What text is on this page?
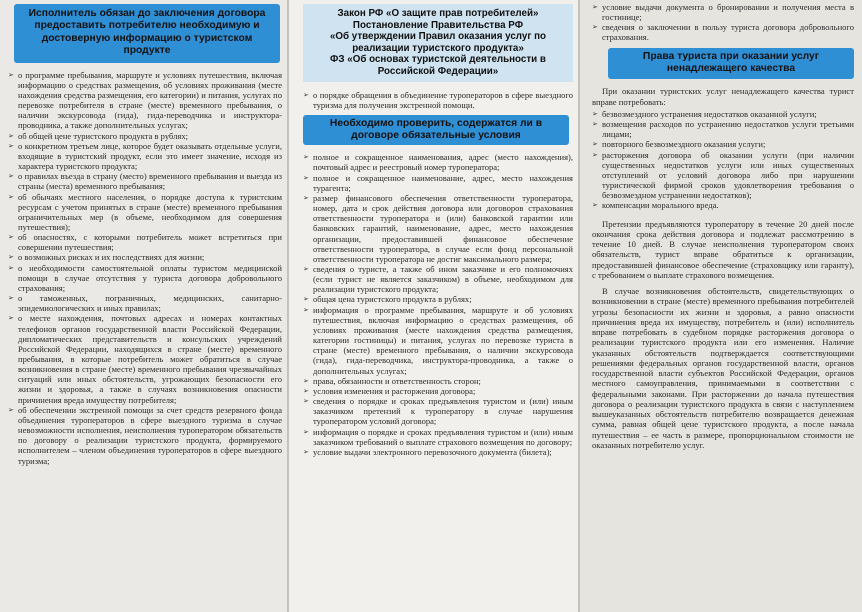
Исполнитель обязан до заключения договора предоставить потребителю необходимую и достоверную информацию о туристском продукте
➢ о программе пребывания, маршруте и условиях путешествия, включая информацию о средствах размещения, об условиях проживания (месте нахождения средства размещения, его категории) и питания, услугах по перевозке потребителя в стране (месте) временного пребывания, о наличии экскурсовода (гида), гида-переводчика и инструктора-проводника, а также дополнительных услугах;
➢ об общей цене туристского продукта в рублях;
➢ о конкретном третьем лице, которое будет оказывать отдельные услуги, входящие в туристский продукт, если это имеет значение, исходя из характера туристского продукта;
➢ о правилах въезда в страну (место) временного пребывания и выезда из страны (места) временного пребывания;
➢ об обычаях местного населения, о порядке доступа к туристским ресурсам с учетом принятых в стране (месте) временного пребывания ограничительных мер (в объеме, необходимом для совершения путешествия);
➢ об опасностях, с которыми потребитель может встретиться при совершении путешествия;
➢ о возможных рисках и их последствиях для жизни;
➢ о необходимости самостоятельной оплаты туристом медицинской помощи в случае отсутствия у туриста договора добровольного страхования;
➢ о таможенных, пограничных, медицинских, санитарно-эпидемиологических и иных правилах;
➢ о месте нахождения, почтовых адресах и номерах контактных телефонов органов государственной власти Российской Федерации, дипломатических представительств и консульских учреждений Российской Федерации, находящихся в стране (месте) временного пребывания, в которые потребитель может обратиться в случае возникновения в стране (месте) временного пребывания чрезвычайных ситуаций или иных обстоятельств, угрожающих безопасности его жизни и здоровья, а также в случаях возникновения опасности причинения вреда имуществу потребителя;
➢ об обеспечении экстренной помощи за счет средств резервного фонда объединения туроператоров в сфере выездного туризма в случае невозможности исполнения, неисполнения туроператором обязательств по договору о реализации туристского продукта, формируемого исполнителем – членом объединения туроператоров в сфере выездного туризма;
Закон РФ «О защите прав потребителей»
Постановление Правительства РФ
«Об утверждении Правил оказания услуг по реализации туристского продукта»
ФЗ «Об основах туристской деятельности в Российской Федерации»
➢ о порядке обращения в объединение туроператоров в сфере выездного туризма для получения экстренной помощи.
Необходимо проверить, содержатся ли в договоре обязательные условия
➢ полное и сокращенное наименования, адрес (место нахождения), почтовый адрес и реестровый номер туроператора;
➢ полное и сокращенное наименование, адрес, место нахождения турагента;
➢ размер финансового обеспечения ответственности туроператора, номер, дата и срок действия договора или договоров страхования ответственности туроператора и (или) банковской гарантии или банковских гарантий, наименование, адрес, место нахождения организации, предоставившей финансовое обеспечение ответственности туроператора, в случае если фонд персональной ответственности туроператора не достиг максимального размера;
➢ сведения о туристе, а также об ином заказчике и его полномочиях (если турист не является заказчиком) в объеме, необходимом для реализации туристского продукта;
➢ общая цена туристского продукта в рублях;
➢ информация о программе пребывания, маршруте и об условиях путешествия, включая информацию о средствах размещения, об условиях проживания (месте нахождения средства размещения, категории гостиницы) и питания, услугах по перевозке туриста в стране (месте) временного пребывания, о наличии экскурсовода (гида), гида-переводчика, инструктора-проводника, а также о дополнительных услугах;
➢ права, обязанности и ответственность сторон;
➢ условия изменения и расторжения договора;
➢ сведения о порядке и сроках предъявления туристом и (или) иным заказчиком претензий к туроператору в случае нарушения туроператором условий договора;
➢ информация о порядке и сроках предъявления туристом и (или) иным заказчиком требований о выплате страхового возмещения по договору;
➢ условие выдачи электронного перевозочного документа (билета);
➢ условие выдачи документа о бронировании и получения места в гостинице;
➢ сведения о заключении в пользу туриста договора добровольного страхования.
Права туриста при оказании услуг ненадлежащего качества

При оказании туристских услуг ненадлежащего качества турист вправе потребовать:

➢ безвозмездного устранения недостатков оказанной услуги;
➢ возмещения расходов по устранению недостатков услуги третьими лицами;
➢ повторного безвозмездного оказания услуги;
➢ расторжения договора об оказании услуги (при наличии существенных недостатков услуги или иных существенных отступлений от условий договора либо при нарушении туристической фирмой сроков удовлетворения требования о безвозмездном устранении недостатков);
➢ компенсации морального вреда.

Претензии предъявляются туроператору в течение 20 дней после окончания срока действия договора и подлежат рассмотрению в течение 10 дней. В случае неисполнения туроператором своих обязательств, турист вправе обратиться к организации, предоставившей финансовое обеспечение (страховщику или гаранту), с требованием о выплате страхового возмещения.

В случае возникновения обстоятельств, свидетельствующих о возникновении в стране (месте) временного пребывания потребителей угрозы безопасности их жизни и здоровья, а равно опасности причинения вреда их имуществу, потребитель и (или) исполнитель вправе потребовать в судебном порядке расторжения договора о реализации туристского продукта или его изменения. Наличие указанных обстоятельств подтверждается соответствующими решениями федеральных органов государственной власти, органов государственной власти субъектов Российской Федерации, органов местного самоуправления, принимаемыми в соответствии с федеральными законами. При расторжении до начала путешествия договора о реализации туристского продукта в связи с наступлением вышеуказанных обстоятельств потребителю возвращается денежная сумма, равная общей цене туристского продукта, а после начала путешествия – ее часть в размере, пропорциональном стоимости не оказанных потребителю услуг.
